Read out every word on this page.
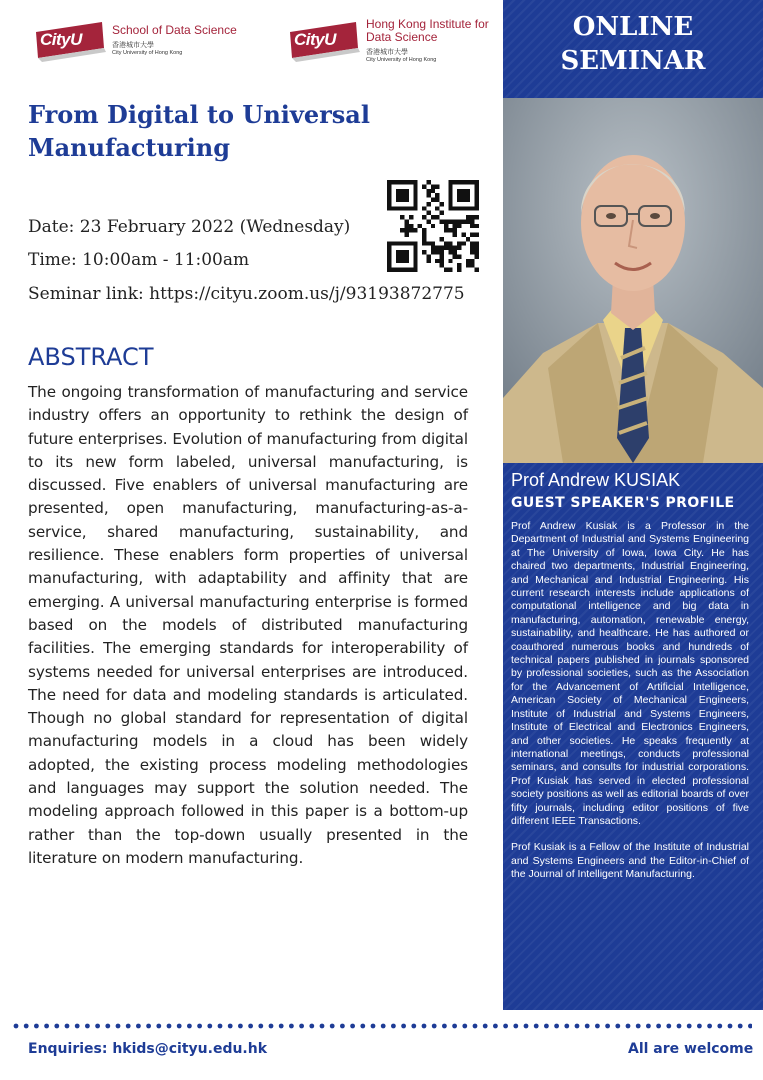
CityU	School of Data Science
香港城市大學
City University of Hong Kong
CityU
Hong Kong Institute for
Data Science
香港城市大學
City University of Hong Kong
From Digital to Universal
Manufacturing
Date: 23 February 2022 (Wednesday)
Time: 10:00am - 11:00am
Seminar link: https://cityu.zoom.us/j/93193872775
ABSTRACT
The ongoing transformation of manufacturing and service industry offers an opportunity to rethink the design of future enterprises. Evolution of manufacturing from digital to its new form labeled, universal manufacturing, is discussed. Five enablers of universal manufacturing are presented, open manufacturing, manufacturing-as-a-service, shared manufacturing, sustainability, and resilience. These enablers form properties of universal manufacturing, with adaptability and affinity that are emerging. A universal manufacturing enterprise is formed based on the models of distributed manufacturing facilities. The emerging standards for interoperability of systems needed for universal enterprises are introduced. The need for data and modeling standards is articulated. Though no global standard for representation of digital manufacturing models in a cloud has been widely adopted, the existing process modeling methodologies and languages may support the solution needed. The modeling approach followed in this paper is a bottom-up rather than the top-down usually presented in the literature on modern manufacturing.
ONLINE
SEMINAR
Prof Andrew KUSIAK
GUEST SPEAKER'S PROFILE

Prof Andrew Kusiak is a Professor in the Department of Industrial and Systems Engineering at The University of Iowa, Iowa City. He has chaired two departments, Industrial Engineering, and Mechanical and Industrial Engineering. His current research interests include applications of computational intelligence and big data in manufacturing, automation, renewable energy, sustainability, and healthcare. He has authored or coauthored numerous books and hundreds of technical papers published in journals sponsored by professional societies, such as the Association for the Advancement of Artificial Intelligence, American Society of Mechanical Engineers, Institute of Industrial and Systems Engineers, Institute of Electrical and Electronics Engineers, and other societies. He speaks frequently at international meetings, conducts professional seminars, and consults for industrial corporations. Prof Kusiak has served in elected professional society positions as well as editorial boards of over fifty journals, including editor positions of five different IEEE Transactions.

Prof Kusiak is a Fellow of the Institute of Industrial and Systems Engineers and the Editor-in-Chief of the Journal of Intelligent Manufacturing.

Enquiries: hkids@cityu.edu.hk	All are welcome
